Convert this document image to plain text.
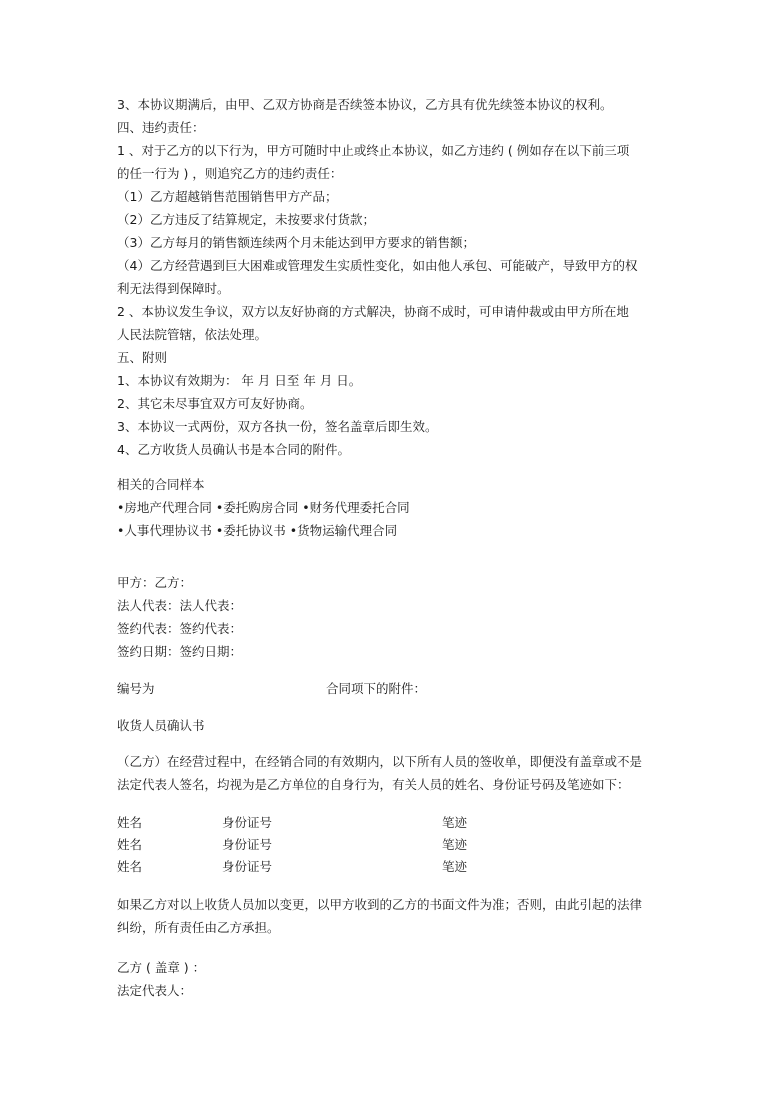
3、本协议期满后，由甲、乙双方协商是否续签本协议，乙方具有优先续签本协议的权利。
四、违约责任：
1 、对于乙方的以下行为，甲方可随时中止或终止本协议，如乙方违约 ( 例如存在以下前三项
的任一行为 ) ，则追究乙方的违约责任：
（1）乙方超越销售范围销售甲方产品；
（2）乙方违反了结算规定，未按要求付货款；
（3）乙方每月的销售额连续两个月未能达到甲方要求的销售额；
（4）乙方经营遇到巨大困难或管理发生实质性变化，如由他人承包、可能破产，导致甲方的权
利无法得到保障时。
2 、本协议发生争议，双方以友好协商的方式解决，协商不成时，可申请仲裁或由甲方所在地
人民法院管辖，依法处理。
五、附则
1、本协议有效期为： 年 月 日至 年 月 日。
2、其它未尽事宜双方可友好协商。
3、本协议一式两份，双方各执一份，签名盖章后即生效。
4、乙方收货人员确认书是本合同的附件。
相关的合同样本
•房地产代理合同 •委托购房合同 •财务代理委托合同
•人事代理协议书 •委托协议书 •货物运输代理合同
甲方：乙方：
法人代表：法人代表：
签约代表：签约代表：
签约日期：签约日期：
编号为	合同项下的附件：
收货人员确认书
（乙方）在经营过程中，在经销合同的有效期内，以下所有人员的签收单，即便没有盖章或不是
法定代表人签名，均视为是乙方单位的自身行为，有关人员的姓名、身份证号码及笔迹如下：
姓名	身份证号	笔迹
姓名	身份证号	笔迹
姓名	身份证号	笔迹
如果乙方对以上收货人员加以变更，以甲方收到的乙方的书面文件为准；否则，由此引起的法律
纠纷，所有责任由乙方承担。
乙方 ( 盖章 ) ：
法定代表人：
